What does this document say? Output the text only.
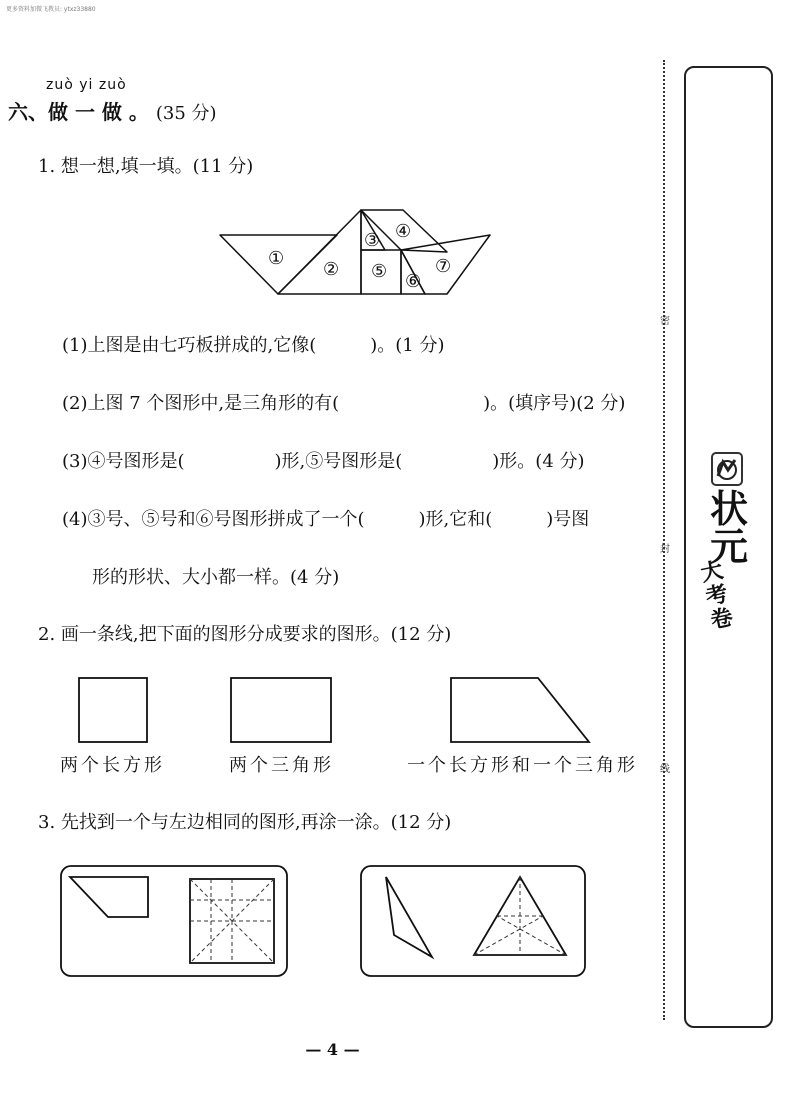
更多资料加微飞教员: ytxz33880
zuò yi zuò
六、做 一 做 。 (35 分)
1. 想一想,填一填。(11 分)
①
②
③ ④
⑤ ⑥
⑦
(1)上图是由七巧板拼成的,它像(　　　)。(1 分)
(2)上图 7 个图形中,是三角形的有(　　　　　　　　)。(填序号)(2 分)
(3)④号图形是(　　　　　)形,⑤号图形是(　　　　　)形。(4 分)
(4)③号、⑤号和⑥号图形拼成了一个(　　　)形,它和(　　　)号图
形的形状、大小都一样。(4 分)
2. 画一条线,把下面的图形分成要求的图形。(12 分)
两个长方形	两个三角形	一个长方形和一个三角形
3. 先找到一个与左边相同的图形,再涂一涂。(12 分)
— 4 —
密
封
线
状元
大考卷
